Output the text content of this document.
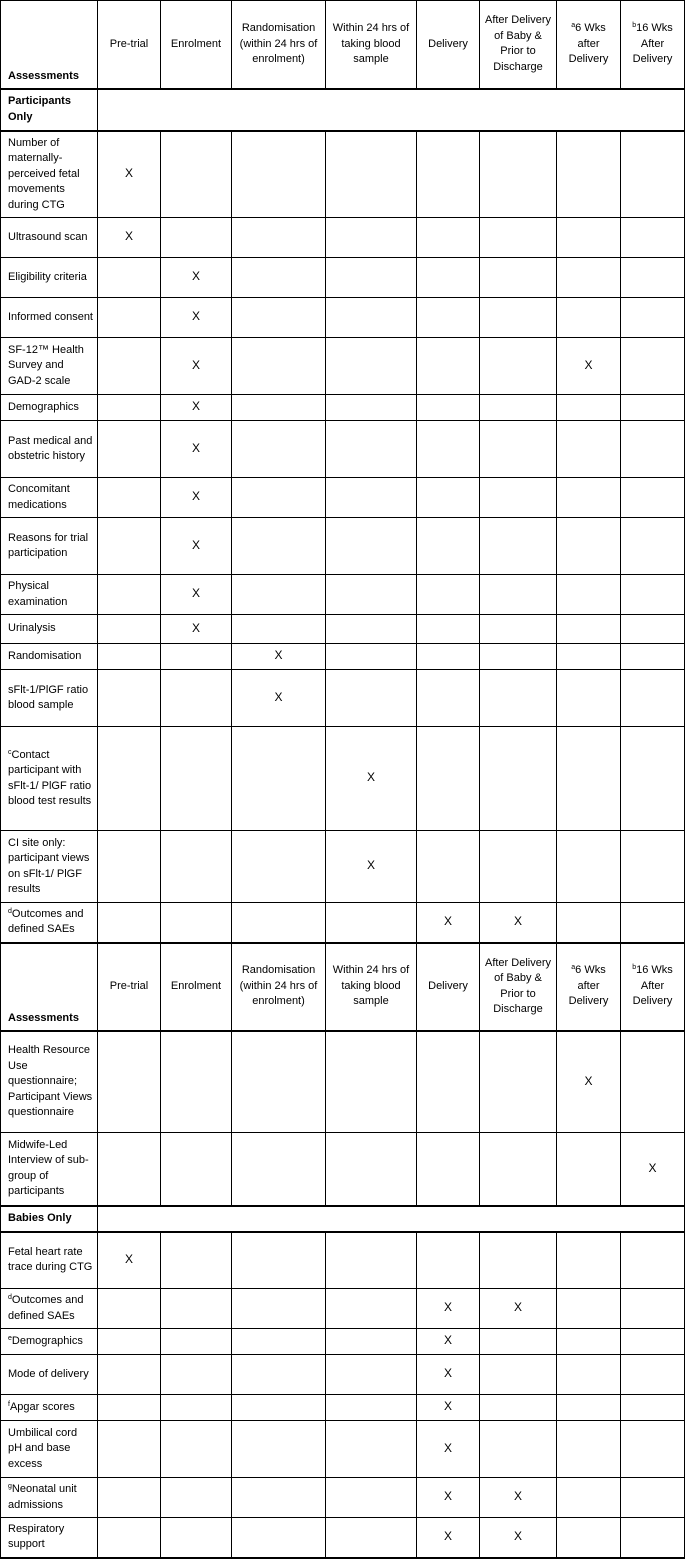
Assessments	Pre-trial	Enrolment	Randomisation (within 24 hrs of enrolment)	Within 24 hrs of taking blood sample	Delivery	After Delivery of Baby & Prior to Discharge	$^a$6 Wks after Delivery	$^b$16 Wks After Delivery
Participants Only								
Number of maternally-perceived fetal movements during CTG	X							
Ultrasound scan	X							
Eligibility criteria		X						
Informed consent		X						
SF-12™ Health Survey and GAD-2 scale		X					X	
Demographics		X						
Past medical and obstetric history		X						
Concomitant medications		X						
Reasons for trial participation		X						
Physical examination		X						
Urinalysis		X						
Randomisation			X					
sFlt-1/PlGF ratio blood sample			X					
$^c$Contact participant with sFlt-1/ PlGF ratio blood test results				X				
CI site only: participant views on sFlt-1/ PlGF results				X				
$^d$Outcomes and defined SAEs					X	X		
Assessments	Pre-trial	Enrolment	Randomisation (within 24 hrs of enrolment)	Within 24 hrs of taking blood sample	Delivery	After Delivery of Baby & Prior to Discharge	$^a$6 Wks after Delivery	$^b$16 Wks After Delivery
Health Resource Use questionnaire; Participant Views questionnaire							X	
Midwife-Led Interview of sub-group of participants								X
Babies Only								
Fetal heart rate trace during CTG	X							
$^d$Outcomes and defined SAEs					X	X		
$^e$Demographics					X			
Mode of delivery					X			
$^f$Apgar scores					X			
Umbilical cord pH and base excess					X			
$^g$Neonatal unit admissions					X	X		
Respiratory support					X	X		
